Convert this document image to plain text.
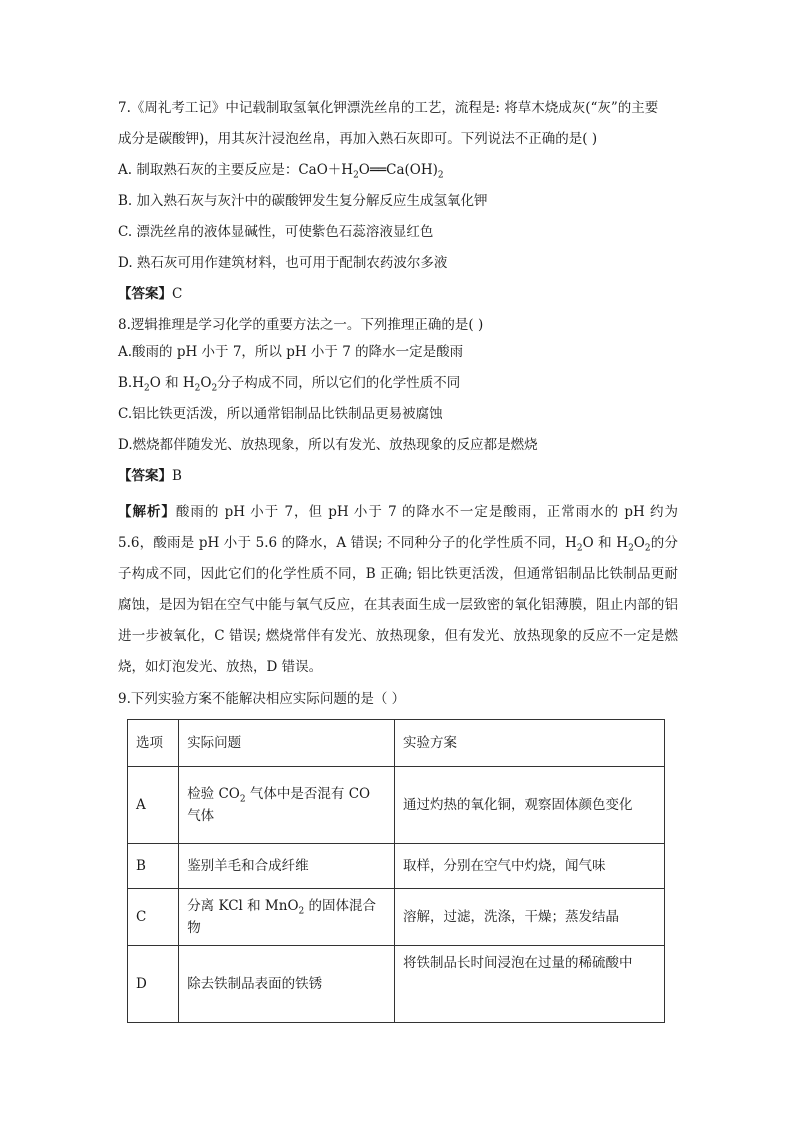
7.《周礼考工记》中记载制取氢氧化钾漂洗丝帛的工艺，流程是: 将草木烧成灰(“灰”的主要

成分是碳酸钾)，用其灰汁浸泡丝帛，再加入熟石灰即可。下列说法不正确的是( )

A. 制取熟石灰的主要反应是：$CaO+H_2O══Ca(OH)_2$

B. 加入熟石灰与灰汁中的碳酸钾发生复分解反应生成氢氧化钾

C. 漂洗丝帛的液体显碱性，可使紫色石蕊溶液显红色

D. 熟石灰可用作建筑材料，也可用于配制农药波尔多液

【答案】C

8.逻辑推理是学习化学的重要方法之一。下列推理正确的是( )

A.酸雨的 pH 小于 7，所以 pH 小于 7 的降水一定是酸雨

$B.H_2O$ 和 $H_2O_2$分子构成不同，所以它们的化学性质不同

C.铝比铁更活泼，所以通常铝制品比铁制品更易被腐蚀

D.燃烧都伴随发光、放热现象，所以有发光、放热现象的反应都是燃烧

【答案】B

【解析】酸雨的 pH 小于 7，但 pH 小于 7 的降水不一定是酸雨，正常雨水的 pH 约为 5.6，酸雨是 pH 小于 5.6 的降水，A 错误; 不同种分子的化学性质不同，$H_2O$ 和 $H_2O_2$的分子构成不同，因此它们的化学性质不同，B 正确; 铝比铁更活泼，但通常铝制品比铁制品更耐腐蚀，是因为铝在空气中能与氧气反应，在其表面生成一层致密的氧化铝薄膜，阻止内部的铝进一步被氧化，C 错误; 燃烧常伴有发光、放热现象，但有发光、放热现象的反应不一定是燃烧，如灯泡发光、放热，D 错误。

9.下列实验方案不能解决相应实际问题的是（ ）

选项	实际问题	实验方案
A	检验 $CO_2$ 气体中是否混有 CO 气体	通过灼热的氧化铜，观察固体颜色变化
B	鉴别羊毛和合成纤维	取样，分别在空气中灼烧，闻气味
C	分离 KCl 和 MnO$_2$ 的固体混合物	溶解，过滤，洗涤，干燥；蒸发结晶
D	除去铁制品表面的铁锈	将铁制品长时间浸泡在过量的稀硫酸中
